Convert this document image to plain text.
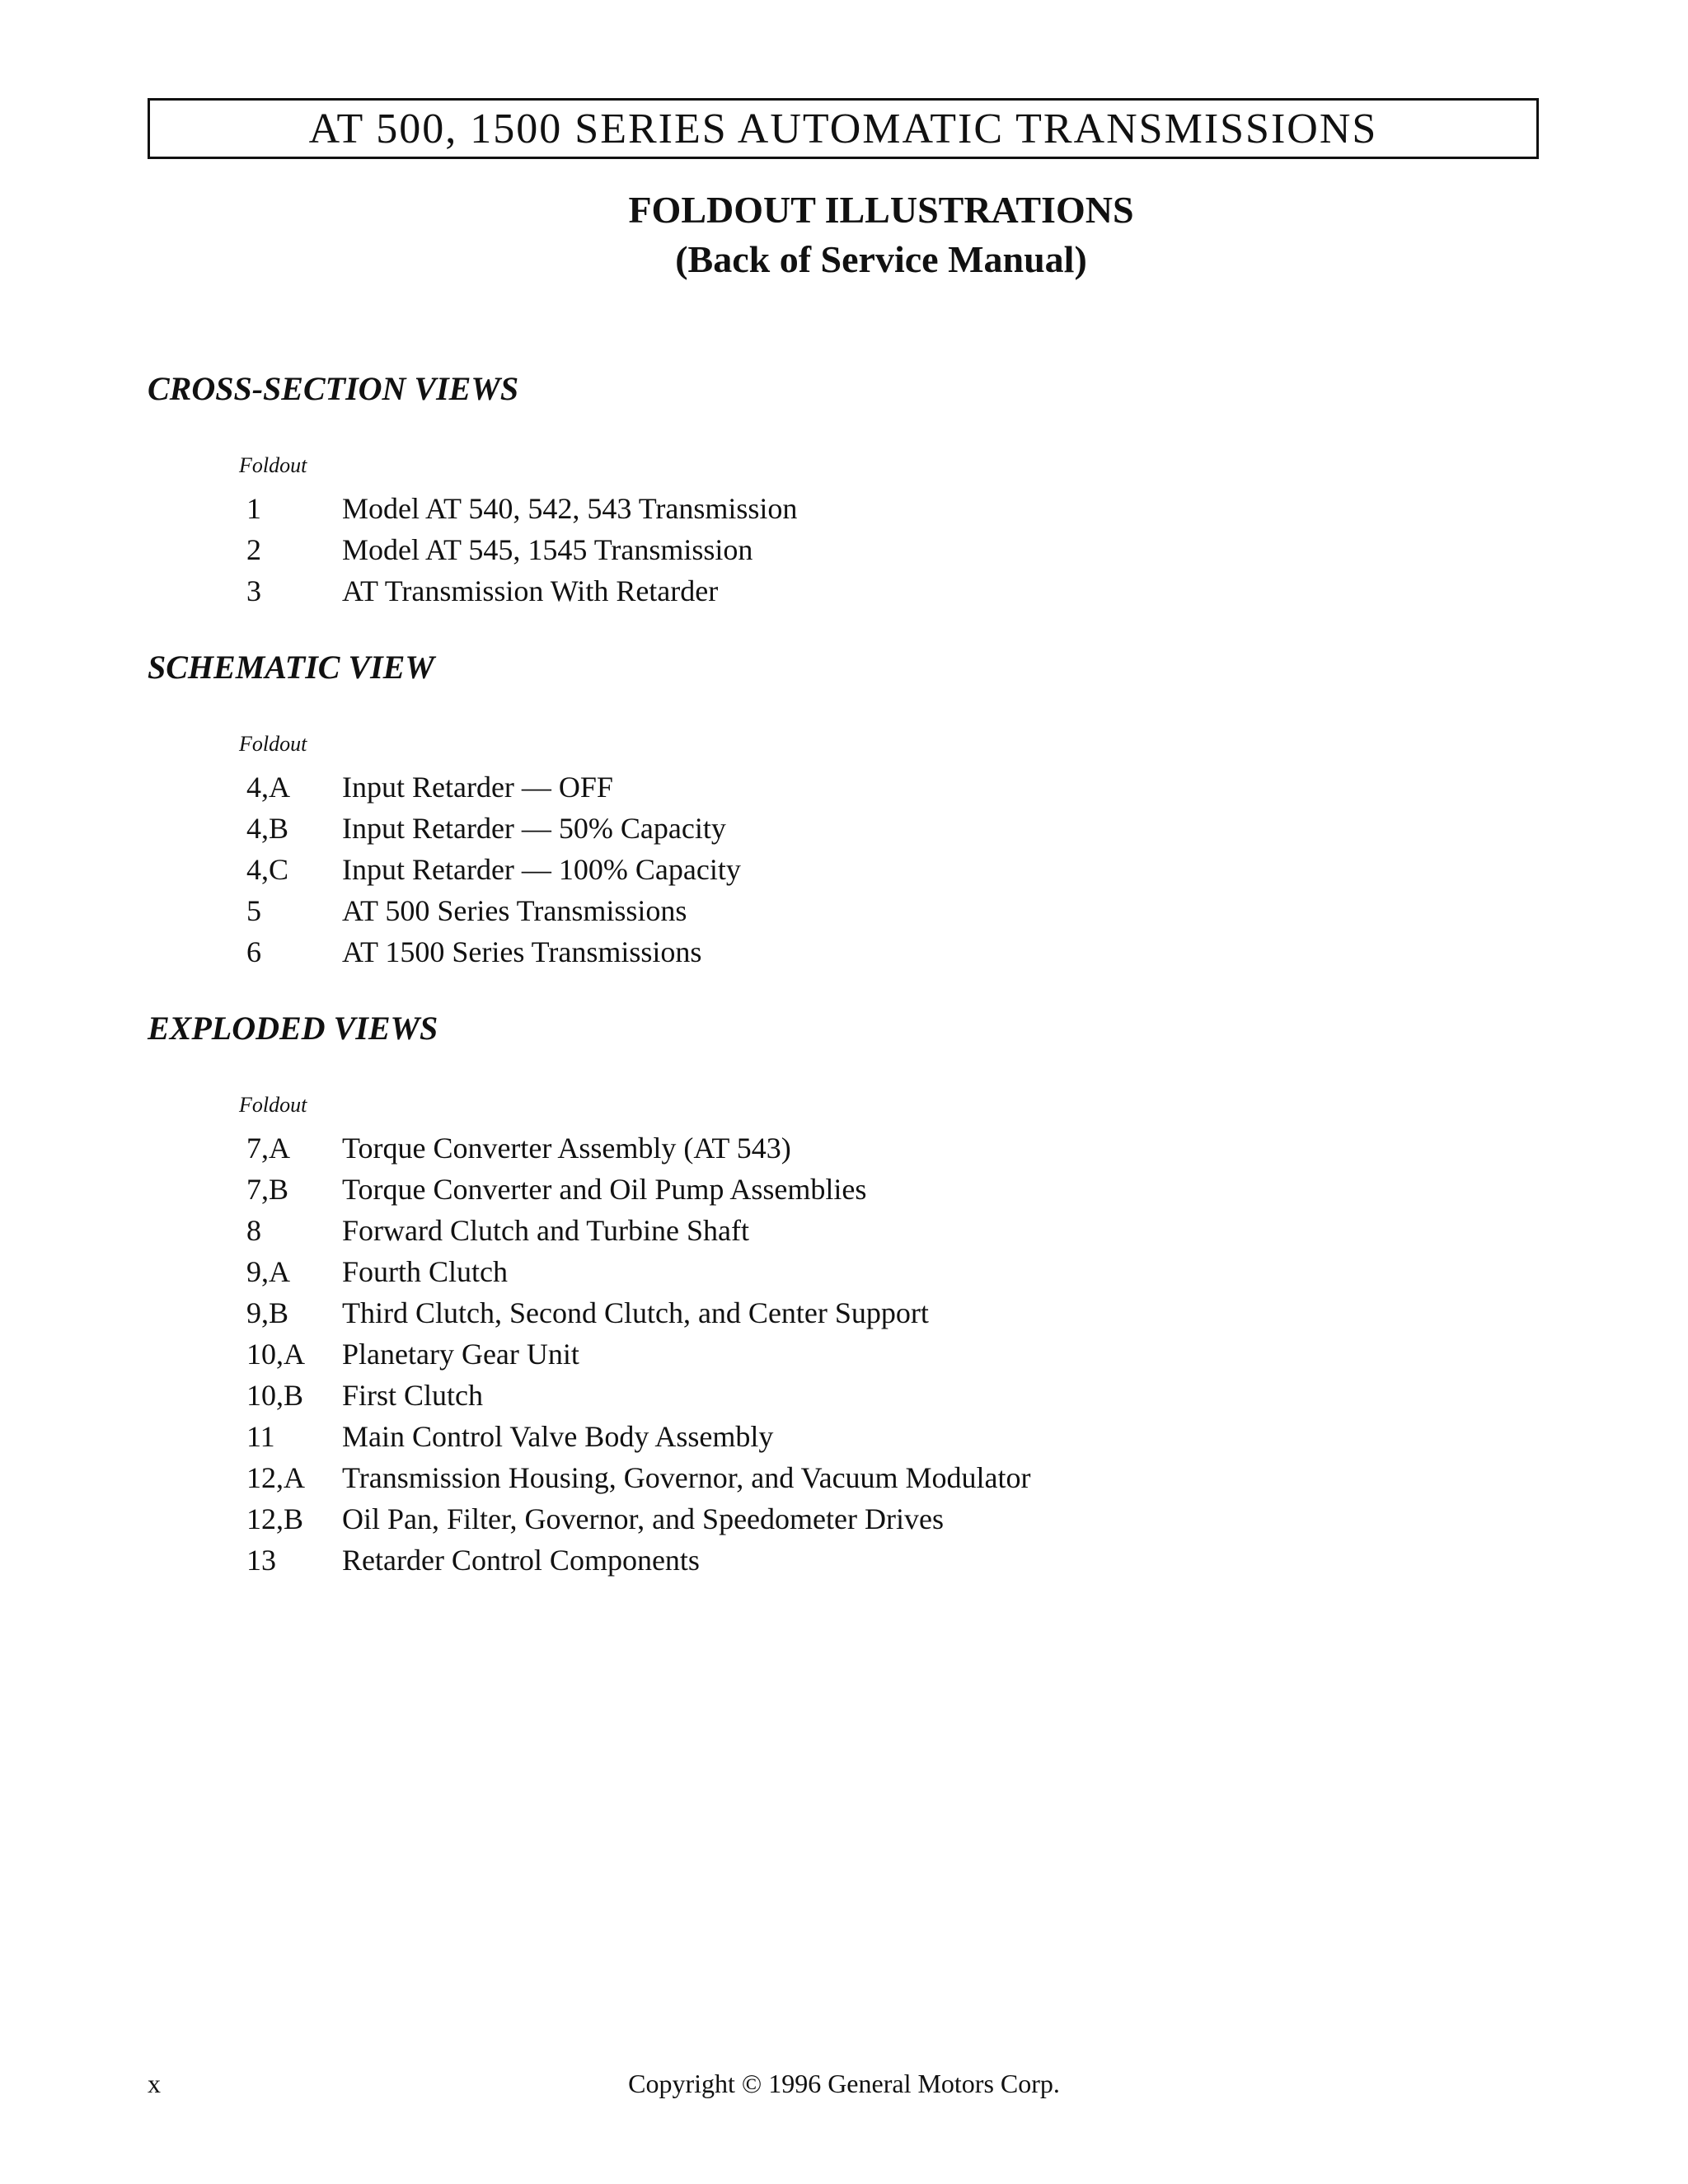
AT 500, 1500 SERIES AUTOMATIC TRANSMISSIONS
FOLDOUT ILLUSTRATIONS
(Back of Service Manual)
CROSS-SECTION VIEWS
Foldout
1	Model AT 540, 542, 543 Transmission
2	Model AT 545, 1545 Transmission
3	AT Transmission With Retarder
SCHEMATIC VIEW
Foldout
4,A	Input Retarder — OFF
4,B	Input Retarder — 50% Capacity
4,C	Input Retarder — 100% Capacity
5	AT 500 Series Transmissions
6	AT 1500 Series Transmissions
EXPLODED VIEWS
Foldout
7,A	Torque Converter Assembly (AT 543)
7,B	Torque Converter and Oil Pump Assemblies
8	Forward Clutch and Turbine Shaft
9,A	Fourth Clutch
9,B	Third Clutch, Second Clutch, and Center Support
10,A	Planetary Gear Unit
10,B	First Clutch
11	Main Control Valve Body Assembly
12,A	Transmission Housing, Governor, and Vacuum Modulator
12,B	Oil Pan, Filter, Governor, and Speedometer Drives
13	Retarder Control Components
x	Copyright © 1996 General Motors Corp.
